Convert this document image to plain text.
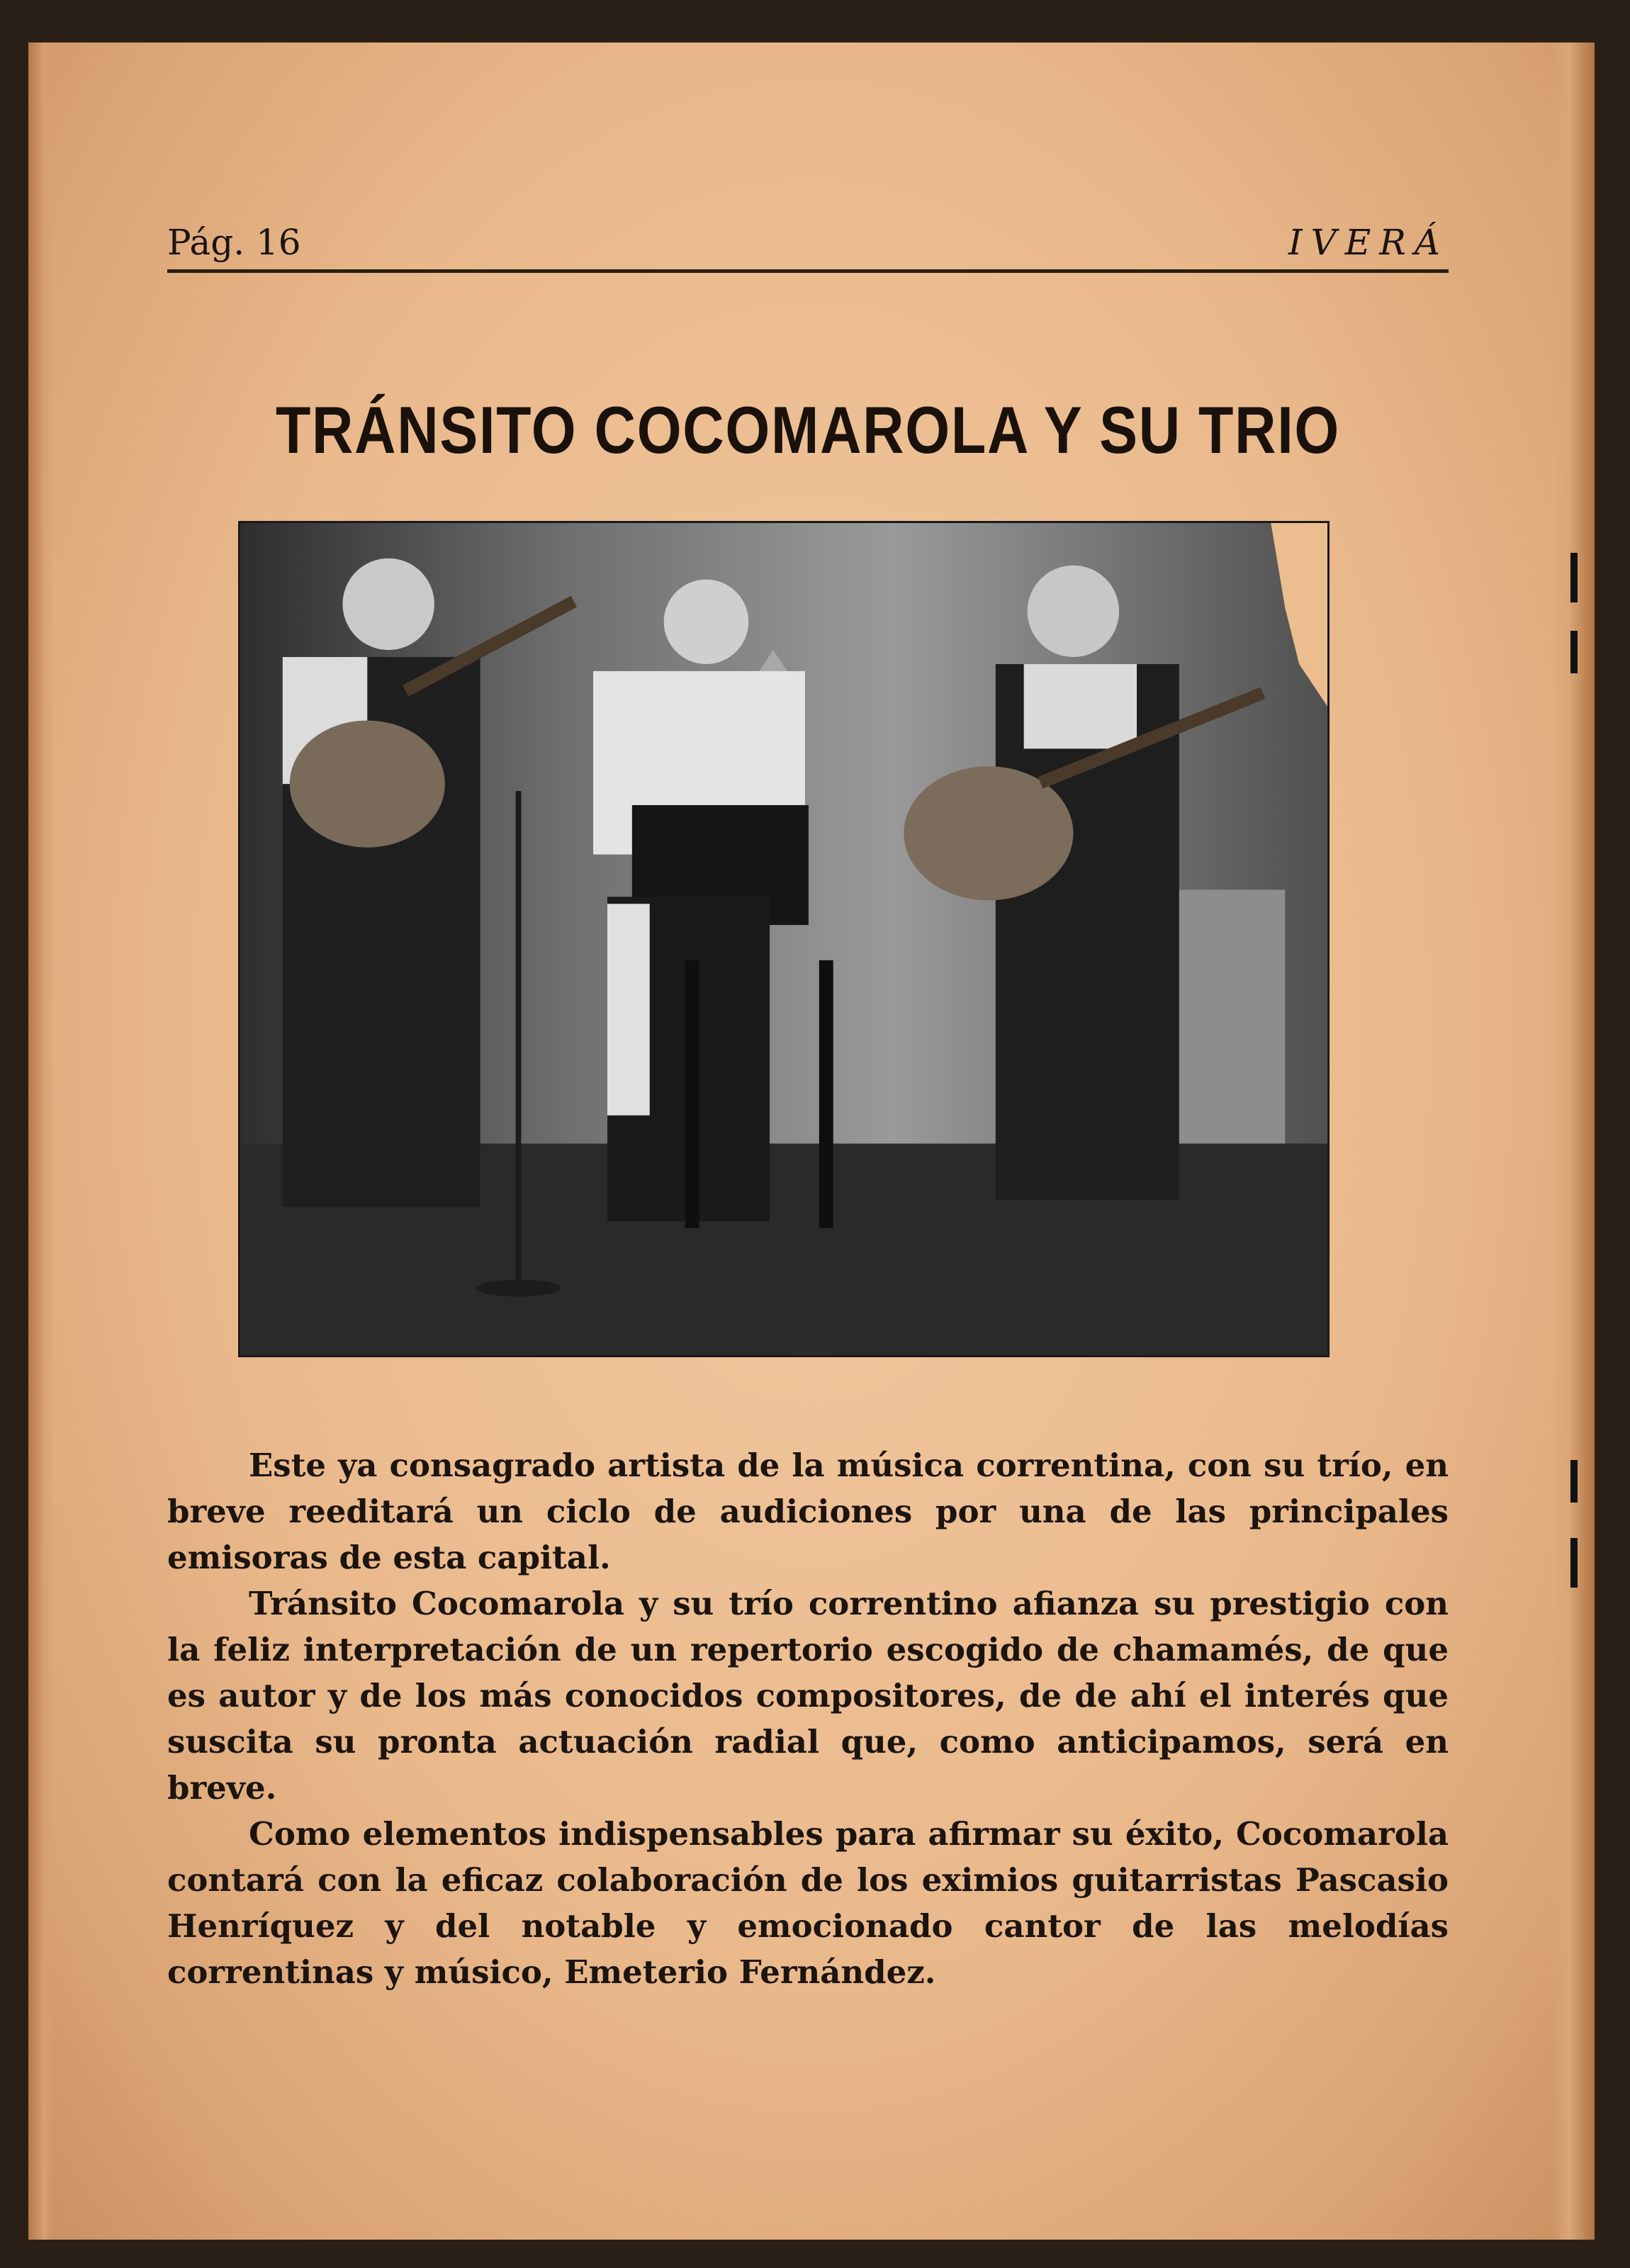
Pág. 16	IVERÁ
TRÁNSITO COCOMAROLA Y SU TRIO

Este ya consagrado artista de la música correntina, con su trío, en breve reeditará un ciclo de audiciones por una de las principales emisoras de esta capital.

Tránsito Cocomarola y su trío correntino afianza su prestigio con la feliz interpretación de un repertorio escogido de chamamés, de que es autor y de los más conocidos compositores, de de ahí el interés que suscita su pronta actuación radial que, como anticipamos, será en breve.

Como elementos indispensables para afirmar su éxito, Cocomarola contará con la eficaz colaboración de los eximios guitarristas Pascasio Henríquez y del notable y emocionado cantor de las melodías correntinas y músico, Emeterio Fernández.
